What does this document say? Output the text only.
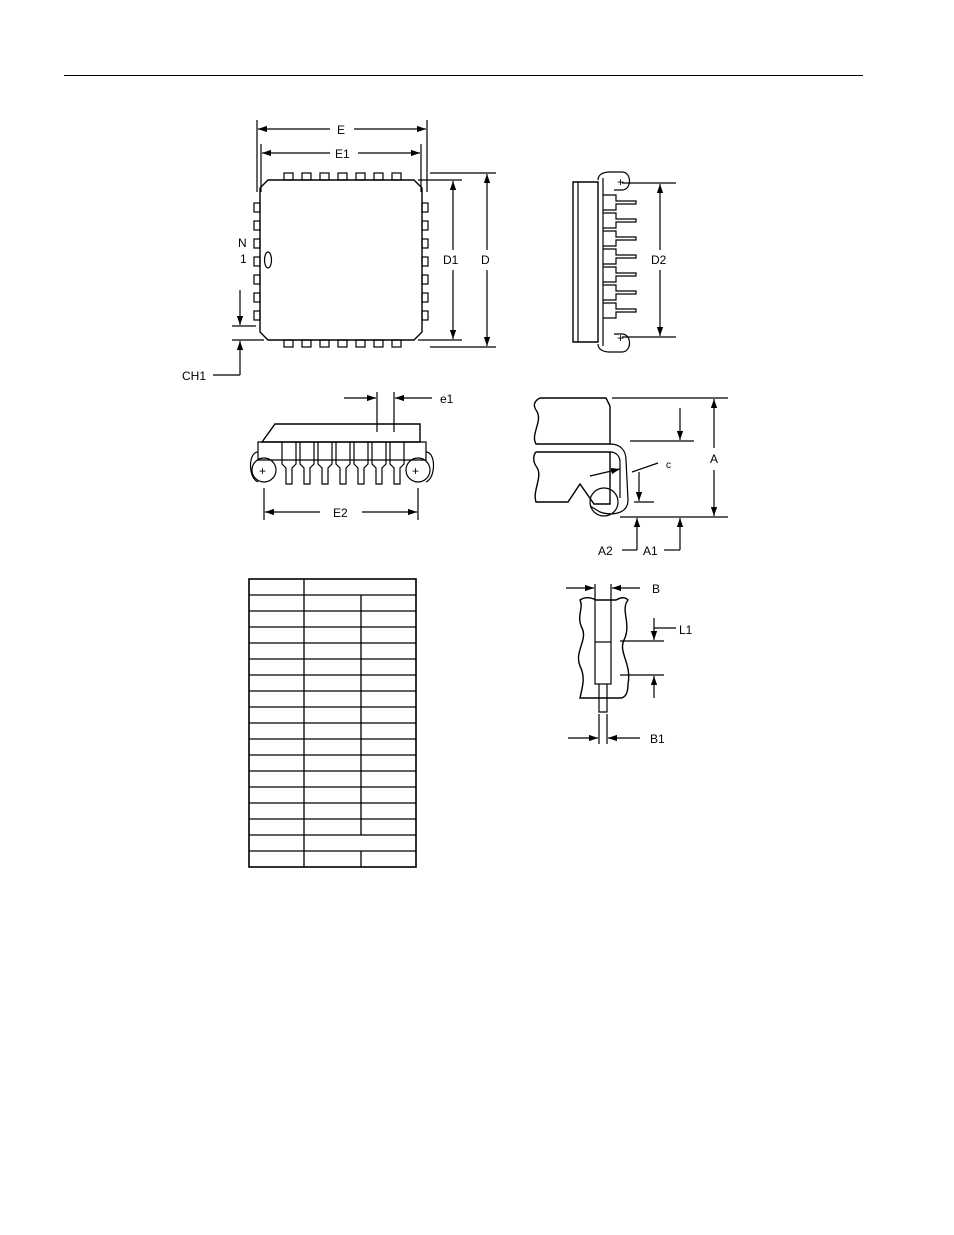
+
+
+	+
E
E1
N
1	D1 D
CH1
D2
e1
E2
c	A
A2	A1
B
L1
B1
